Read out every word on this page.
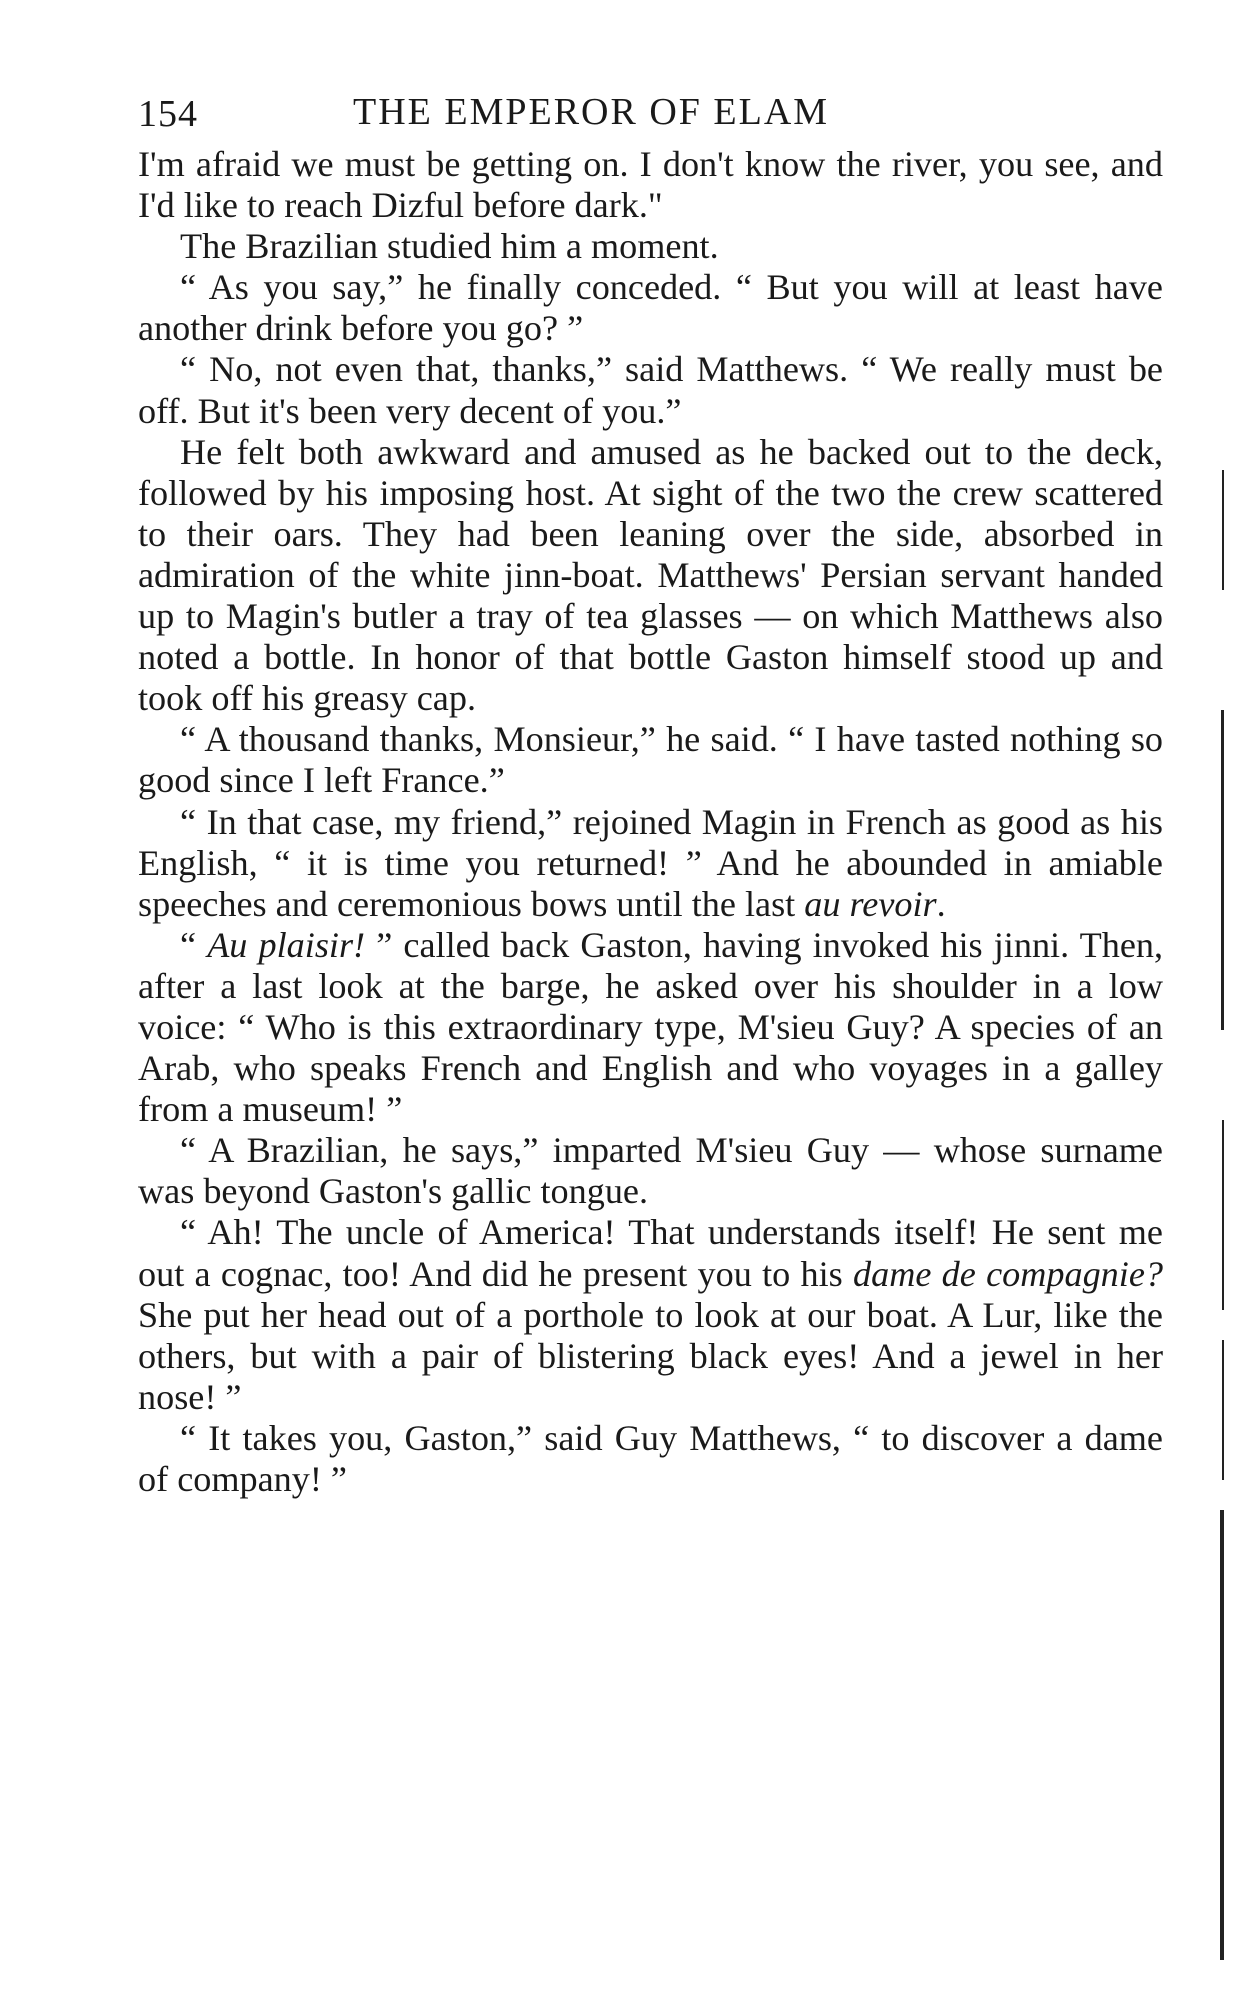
154	THE EMPEROR OF ELAM

I'm afraid we must be getting on. I don't know the river, you see, and I'd like to reach Dizful before dark."

The Brazilian studied him a moment.

“ As you say,” he finally conceded. “ But you will at least have another drink before you go? ”

“ No, not even that, thanks,” said Matthews. “ We really must be off. But it's been very decent of you.”

He felt both awkward and amused as he backed out to the deck, followed by his imposing host. At sight of the two the crew scattered to their oars. They had been leaning over the side, absorbed in admiration of the white jinn-boat. Matthews' Persian servant handed up to Magin's butler a tray of tea glasses — on which Matthews also noted a bottle. In honor of that bottle Gaston himself stood up and took off his greasy cap.

“ A thousand thanks, Monsieur,” he said. “ I have tasted nothing so good since I left France.”

“ In that case, my friend,” rejoined Magin in French as good as his English, “ it is time you returned! ” And he abounded in amiable speeches and ceremonious bows until the last au revoir.

“ Au plaisir! ” called back Gaston, having invoked his jinni. Then, after a last look at the barge, he asked over his shoulder in a low voice: “ Who is this extraordinary type, M'sieu Guy? A species of an Arab, who speaks French and English and who voyages in a galley from a museum! ”

“ A Brazilian, he says,” imparted M'sieu Guy — whose surname was beyond Gaston's gallic tongue.

“ Ah! The uncle of America! That understands itself! He sent me out a cognac, too! And did he present you to his dame de compagnie? She put her head out of a porthole to look at our boat. A Lur, like the others, but with a pair of blistering black eyes! And a jewel in her nose! ”

“ It takes you, Gaston,” said Guy Matthews, “ to discover a dame of company! ”
